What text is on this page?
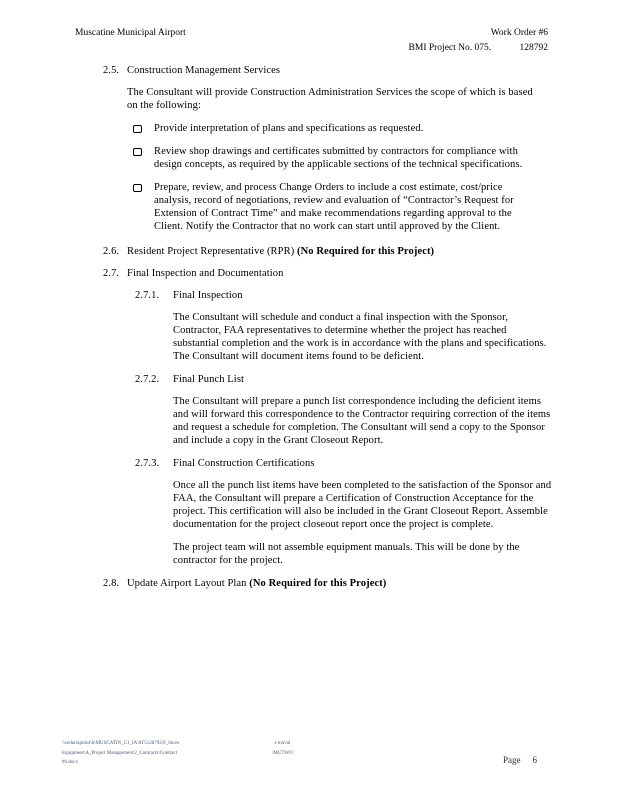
Muscatine Municipal Airport	Work Order #6
BMI Project No. 075.	128792
2.5. Construction Management Services
The Consultant will provide Construction Administration Services the scope of which is based on the following:
Provide interpretation of plans and specifications as requested.
Review shop drawings and certificates submitted by contractors for compliance with design concepts, as required by the applicable sections of the technical specifications.
Prepare, review, and process Change Orders to include a cost estimate, cost/price analysis, record of negotiations, review and evaluation of “Contractor’s Request for Extension of Contract Time” and make recommendations regarding approval to the Client. Notify the Contractor that no work can start until approved by the Client.
2.6. Resident Project Representative (RPR) (No Required for this Project)
2.7. Final Inspection and Documentation
2.7.1.	Final Inspection
The Consultant will schedule and conduct a final inspection with the Sponsor, Contractor, FAA representatives to determine whether the project has reached substantial completion and the work is in accordance with the plans and specifications. The Consultant will document items found to be deficient.
2.7.2.	Final Punch List
The Consultant will prepare a punch list correspondence including the deficient items and will forward this correspondence to the Contractor requiring correction of the items and request a schedule for completion. The Consultant will send a copy to the Sponsor and include a copy in the Grant Closeout Report.
2.7.3.	Final Construction Certifications
Once all the punch list items have been completed to the satisfaction of the Sponsor and FAA, the Consultant will prepare a Certification of Construction Acceptance for the project. This certification will also be included in the Grant Closeout Report. Assemble documentation for the project closeout report once the project is complete.
The project team will not assemble equipment manuals. This will be done by the contractor for the project.
2.8. Update Airport Layout Plan (No Required for this Project)
\\cedarrapids4\h\MUSCATIN_C1_IA\0T5128792\0_Snow
Equipment\A_Project Management\2_Contracts\Contract
#6.docx
e moval
\MUTWO
Page 6
